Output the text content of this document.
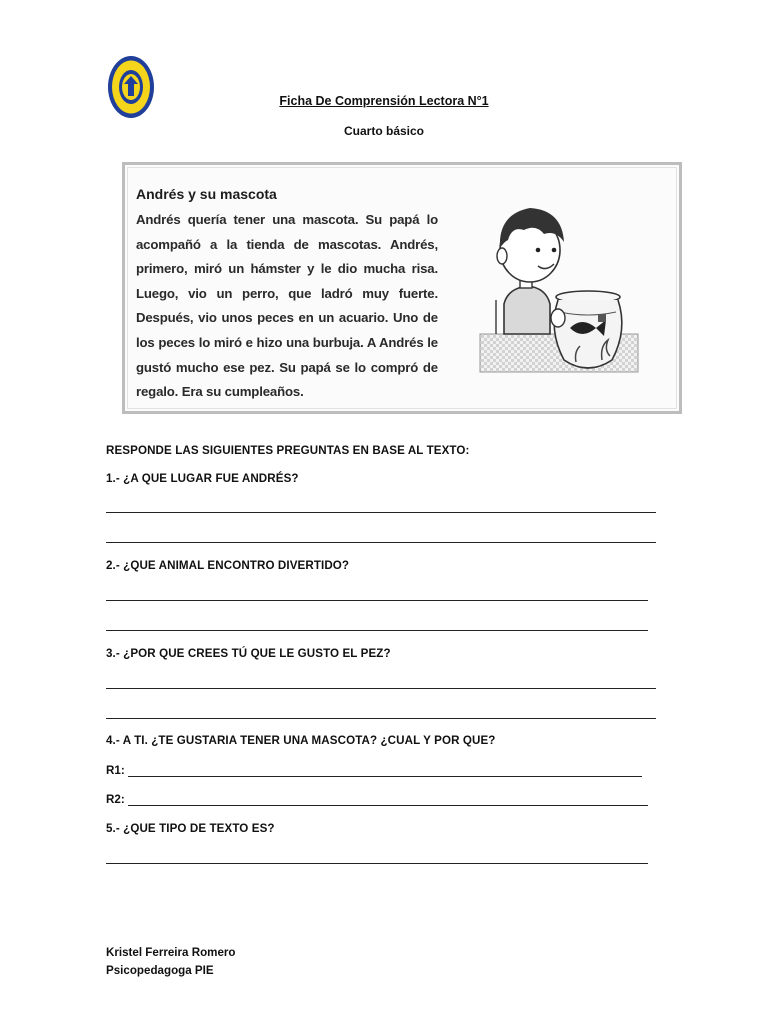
Ficha De Comprensión Lectora N°1
Cuarto básico
Andrés y su mascota
Andrés quería tener una mascota. Su papá lo acompañó a la tienda de mascotas. Andrés, primero, miró un hámster y le dio mucha risa. Luego, vio un perro, que ladró muy fuerte. Después, vio unos peces en un acuario. Uno de los peces lo miró e hizo una burbuja. A Andrés le gustó mucho ese pez. Su papá se lo compró de regalo. Era su cumpleaños.
RESPONDE LAS SIGUIENTES PREGUNTAS EN BASE AL TEXTO:
1.- ¿A QUE LUGAR FUE ANDRÉS?
2.- ¿QUE ANIMAL ENCONTRO DIVERTIDO?
3.- ¿POR QUE CREES TÚ QUE LE GUSTO EL PEZ?
4.- A TI. ¿TE GUSTARIA TENER UNA MASCOTA? ¿CUAL Y POR QUE?
R1:
R2:
5.- ¿QUE TIPO DE TEXTO ES?
Kristel Ferreira Romero
Psicopedagoga PIE
